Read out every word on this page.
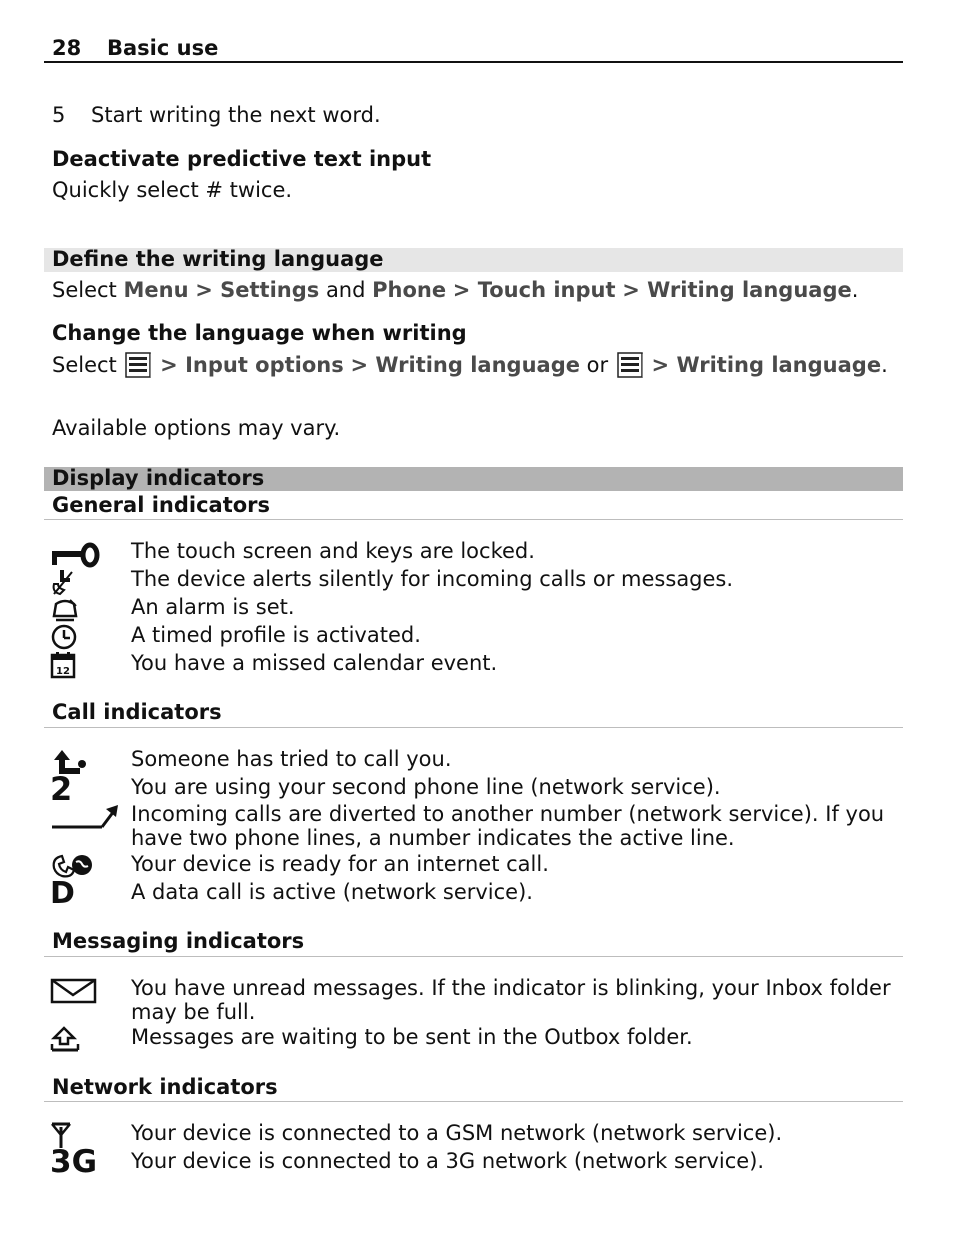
28 Basic use
5 Start writing the next word.
Deactivate predictive text input
Quickly select # twice.
Define the writing language
Select Menu > Settings and Phone > Touch input > Writing language.
Change the language when writing
Select > Input options > Writing language or > Writing language.
Available options may vary.
Display indicators
General indicators
The touch screen and keys are locked.
The device alerts silently for incoming calls or messages.
An alarm is set.
A timed profile is activated.
12	You have a missed calendar event.
Call indicators
Someone has tried to call you.
2	You are using your second phone line (network service).
Incoming calls are diverted to another number (network service). If you have two phone lines, a number indicates the active line.
Your device is ready for an internet call.
D	A data call is active (network service).
Messaging indicators
You have unread messages. If the indicator is blinking, your Inbox folder may be full.
Messages are waiting to be sent in the Outbox folder.
Network indicators
Your device is connected to a GSM network (network service).
3G Your device is connected to a 3G network (network service).
